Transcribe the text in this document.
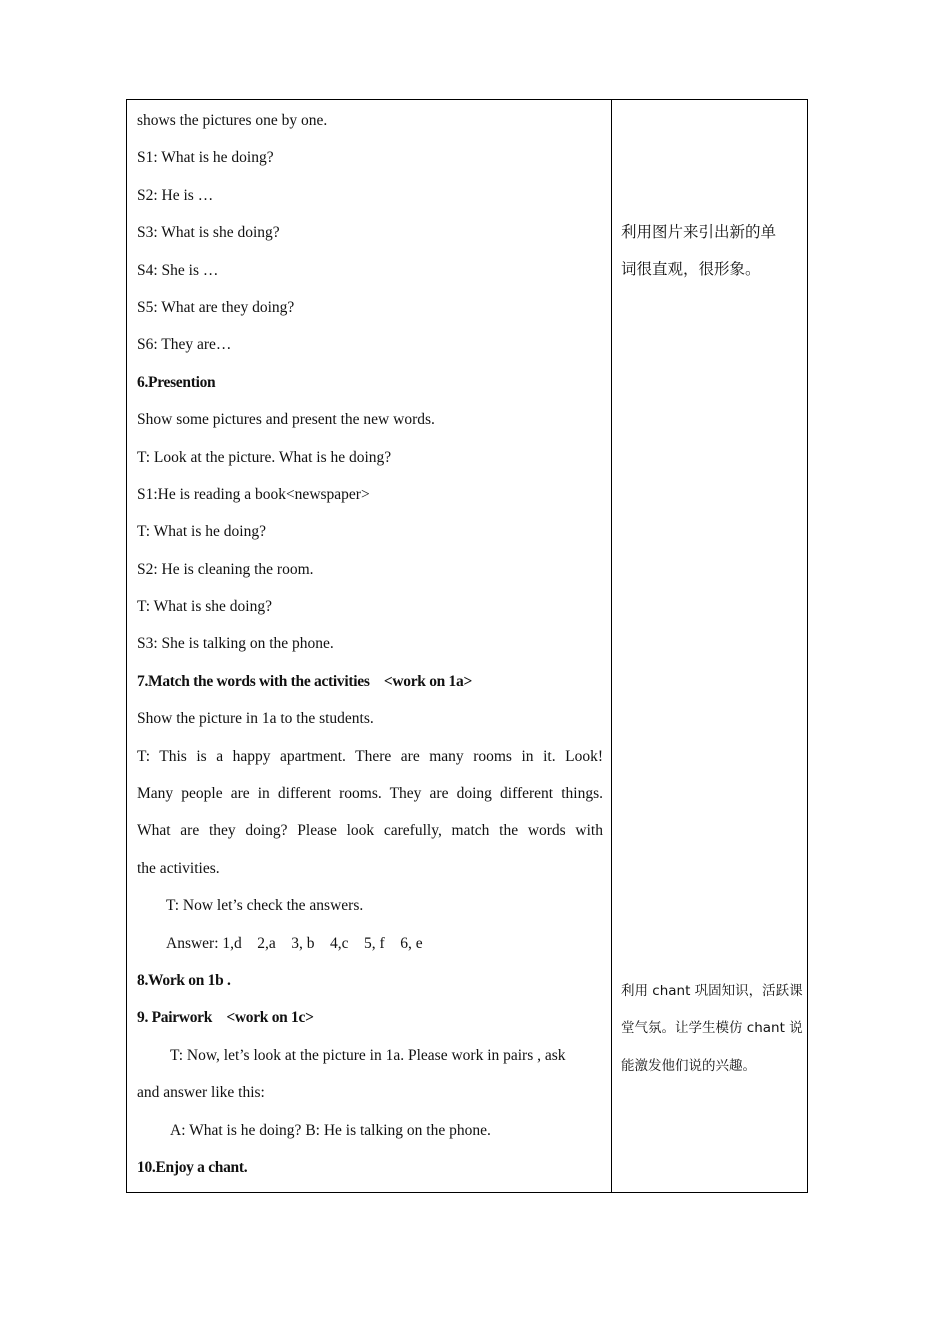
shows the pictures one by one.
S1: What is he doing?
S2: He is …
S3: What is she doing?
S4: She is …
S5: What are they doing?
S6: They are…
6.Presention
Show some pictures and present the new words.
T: Look at the picture. What is he doing?
S1:He is reading a book<newspaper>
T: What is he doing?
S2: He is cleaning the room.
T: What is she doing?
S3: She is talking on the phone.
7.Match the words with the activities    <work on 1a>
Show the picture in 1a to the students.
T: This is a happy apartment. There are many rooms in it. Look!
Many people are in different rooms. They are doing different things.
What are they doing? Please look carefully, match the words with
the activities.
T: Now let’s check the answers.
Answer: 1,d    2,a    3, b    4,c    5, f    6, e
8.Work on 1b .
9. Pairwork    <work on 1c>
T: Now, let’s look at the picture in 1a. Please work in pairs , ask
and answer like this:
A: What is he doing? B: He is talking on the phone.
10.Enjoy a chant.
利用图片来引出新的单
词很直观，很形象。
利用 chant 巩固知识，活跃课
堂气氛。让学生模仿 chant 说
能激发他们说的兴趣。
